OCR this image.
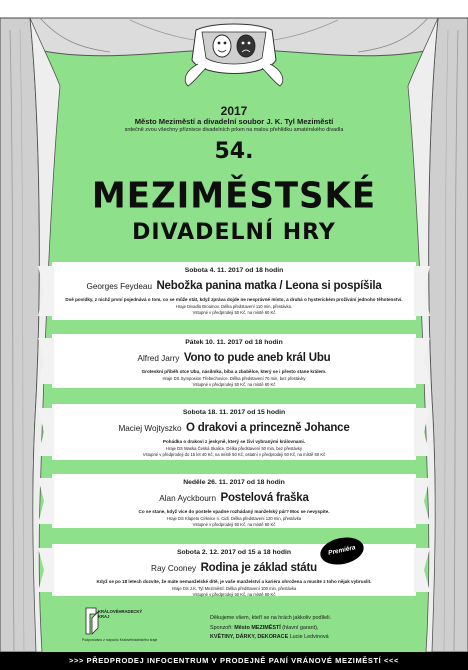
2017
Město Meziměstí a divadelní soubor J. K. Tyl Meziměstí
srdečně zvou všechny příznivce divadelních prken na malou přehlídku amatérského divadla
54.
MEZIMĚSTSKÉ
DIVADELNÍ HRY
Sobota 4. 11. 2017 od 18 hodin
Georges Feydeau Nebožka panina matka / Leona si pospíšila
Dvě povídky, z nichž první pojednává o tom, co se může stát, když zpráva dojde ne nesprávné místo, a druhá o hysterickém prožívání jednoho těhotenství.
Hraje Divadlo Broumov. Délka představení 110 min, přestávka.
Vstupné v předprodeji 50 Kč, na místě 60 Kč
Pátek 10. 11. 2017 od 18 hodin
Alfred Jarry Vono to pude aneb král Ubu
Groteskní příběh otce Ubu, násilníka, bíba a zbabělce, který se i přesto stane králem.
Hraje DS Symposion Třebechovice. Délka představení 70 min, bez přestávky
Vstupné v předprodeji 50 Kč, na místě 60 Kč
Sobota 18. 11. 2017 od 15 hodin
Maciej Wojtyszko O drakovi a princezně Johance
Pohádka o drakovi z jeskyně, který se živí vybranými královnami.
Hraje DS Maska Česká Skalice. Délka představení 50 min, bez přestávky
Vstupné v předprodeji do 15 let 40 Kč, na místě 50 Kč, ostatní v předprodeji 50 Kč, na místě 60 Kč
Neděle 26. 11. 2017 od 18 hodin
Alan Ayckbourn Postelová fraška
Co se stane, když více do postele vpadne rozhádaný manželský pár? Moc se nevyspíte.
Hraje DS Klapeto Církvice n. Cidl. Délka představení 120 min, přestávka
Vstupné v předprodeji 50 Kč, na místě 60 Kč
Sobota 2. 12. 2017 od 15 a 18 hodin
Ray Cooney Rodina je základ státu
Když se po 18 letech dozvíte, že máte nemanželské dítě, je vaše manželství a kariéra ohrožena a musíte z toho nějak vybruslit.
Hraje DS J.K. Tyl Meziměstí. Délka představení 100 min, přestávka
Vstupné v předprodeji 50 Kč, na místě 60 Kč
Premiéra
KRÁLOVÉHRADECKÝ KRAJ
Podporováno z rozpočtu Královéhradeckého kraje
Děkujeme všem, kteří se na hrách jakkoliv podíleli.
Sponzoři: Město MEZIMĚSTÍ (hlavní garant),
KVĚTINY, DÁRKY, DEKORACE Lucie Ledvinová
>>> PŘEDPRODEJ INFOCENTRUM V PRODEJNĚ PANÍ VRÁNOVÉ MEZIMĚSTÍ <<<
